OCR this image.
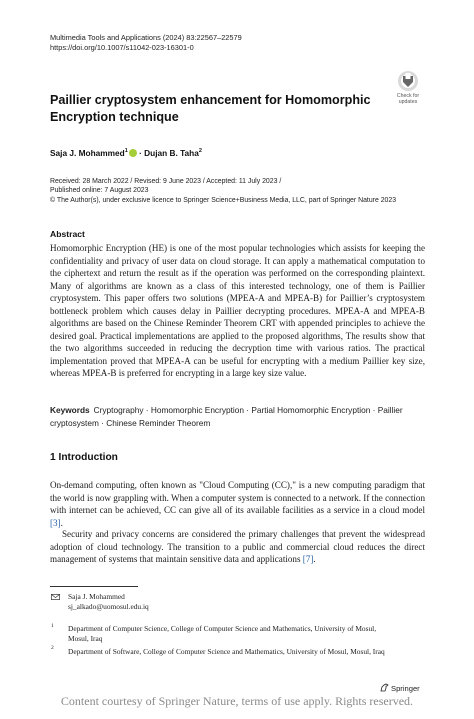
Multimedia Tools and Applications (2024) 83:22567–22579
https://doi.org/10.1007/s11042-023-16301-0
Check for
updates
Paillier cryptosystem enhancement for Homomorphic Encryption technique
Saja J. Mohammed$^1$ · Dujan B. Taha$^2$
Received: 28 March 2022 / Revised: 9 June 2023 / Accepted: 11 July 2023 /
Published online: 7 August 2023
© The Author(s), under exclusive licence to Springer Science+Business Media, LLC, part of Springer Nature 2023
Abstract
Homomorphic Encryption (HE) is one of the most popular technologies which assists for keeping the confidentiality and privacy of user data on cloud storage. It can apply a mathematical computation to the ciphertext and return the result as if the operation was performed on the corresponding plaintext. Many of algorithms are known as a class of this interested technology, one of them is Paillier cryptosystem. This paper offers two solutions (MPEA-A and MPEA-B) for Paillier’s cryptosystem bottleneck problem which causes delay in Paillier decrypting procedures. MPEA-A and MPEA-B algorithms are based on the Chinese Reminder Theorem CRT with appended principles to achieve the desired goal. Practical implementations are applied to the proposed algorithms, The results show that the two algorithms succeeded in reducing the decryption time with various ratios. The practical implementation proved that MPEA-A can be useful for encrypting with a medium Paillier key size, whereas MPEA-B is preferred for encrypting in a large key size value.
Keywords Cryptography · Homomorphic Encryption · Partial Homomorphic Encryption · Paillier cryptosystem · Chinese Reminder Theorem
1 Introduction
On-demand computing, often known as "Cloud Computing (CC)," is a new computing paradigm that the world is now grappling with. When a computer system is connected to a network. If the connection with internet can be achieved, CC can give all of its available facilities as a service in a cloud model [3].
Security and privacy concerns are considered the primary challenges that prevent the widespread adoption of cloud technology. The transition to a public and commercial cloud reduces the direct management of systems that maintain sensitive data and applications [7].
Saja J. Mohammed
sj_alkado@uomosul.edu.iq
1 Department of Computer Science, College of Computer Science and Mathematics, University of Mosul, Mosul, Iraq
2 Department of Software, College of Computer Science and Mathematics, University of Mosul, Mosul, Iraq
Springer
Content courtesy of Springer Nature, terms of use apply. Rights reserved.
